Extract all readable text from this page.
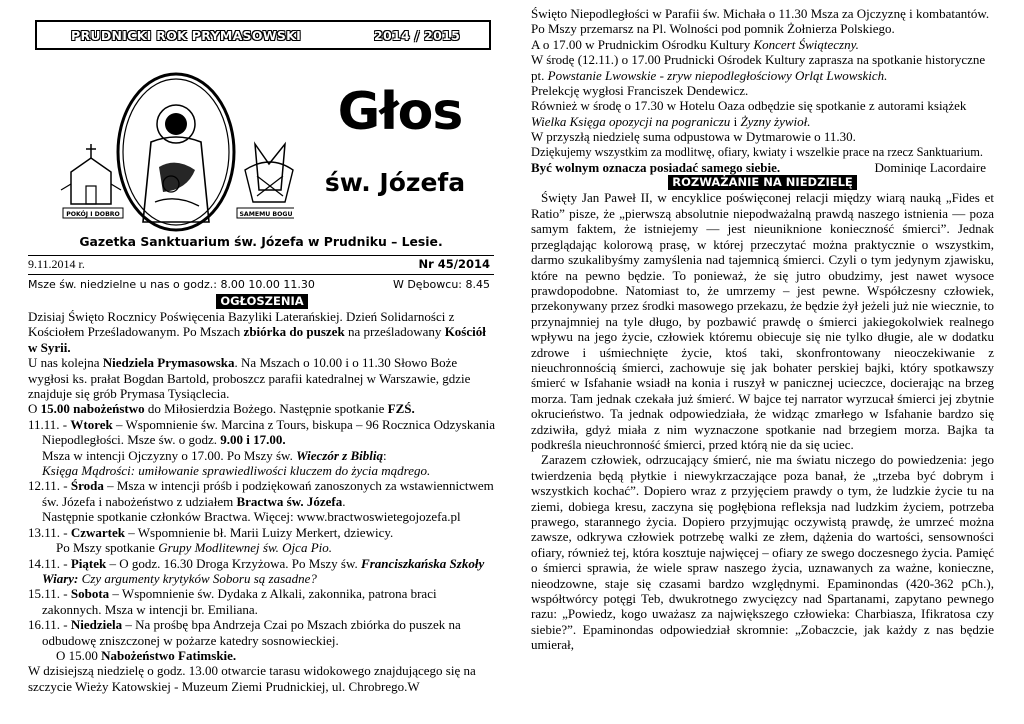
PRUDNICKI ROK PRYMASOWSKI	2014 / 2015
POKÓJ I DOBRO	SAMEMU BOGU
Głos
św. Józefa
Gazetka Sanktuarium św. Józefa w Prudniku – Lesie.
9.11.2014 r.	Nr 45/2014
Msze św. niedzielne u nas o godz.: 8.00 10.00 11.30	W Dębowcu: 8.45
OGŁOSZENIA

Dzisiaj Święto Rocznicy Poświęcenia Bazyliki Laterańskiej. Dzień Solidarności z Kościołem Prześladowanym. Po Mszach zbiórka do puszek na prześladowany Kościół w Syrii.

U nas kolejna Niedziela Prymasowska. Na Mszach o 10.00 i o 11.30 Słowo Boże wygłosi ks. prałat Bogdan Bartold, proboszcz parafii katedralnej w Warszawie, gdzie znajduje się grób Prymasa Tysiąclecia.

O 15.00 nabożeństwo do Miłosierdzia Bożego. Następnie spotkanie FZŚ.

11.11. - Wtorek – Wspomnienie św. Marcina z Tours, biskupa – 96 Rocznica Odzyskania Niepodległości. Msze św. o godz. 9.00 i 17.00.

Msza w intencji Ojczyzny o 17.00. Po Mszy św. Wieczór z Biblią:

Księga Mądrości: umiłowanie sprawiedliwości kluczem do życia mądrego.

12.11. - Środa – Msza w intencji próśb i podziękowań zanoszonych za wstawiennictwem św. Józefa i nabożeństwo z udziałem Bractwa św. Józefa.

Następnie spotkanie członków Bractwa. Więcej: www.bractwoswietegojozefa.pl

13.11. - Czwartek – Wspomnienie bł. Marii Luizy Merkert, dziewicy.

Po Mszy spotkanie Grupy Modlitewnej św. Ojca Pio.

14.11. - Piątek – O godz. 16.30 Droga Krzyżowa. Po Mszy św. Franciszkańska Szkoły Wiary: Czy argumenty krytyków Soboru są zasadne?

15.11. - Sobota – Wspomnienie św. Dydaka z Alkali, zakonnika, patrona braci zakonnych. Msza w intencji br. Emiliana.

16.11. - Niedziela – Na prośbę bpa Andrzeja Czai po Mszach zbiórka do puszek na odbudowę zniszczonej w pożarze katedry sosnowieckiej.

O 15.00 Nabożeństwo Fatimskie.

W dzisiejszą niedzielę o godz. 13.00 otwarcie tarasu widokowego znajdującego się na szczycie Wieży Katowskiej - Muzeum Ziemi Prudnickiej, ul. Chrobrego.W

Święto Niepodległości w Parafii św. Michała o 11.30 Msza za Ojczyznę i kombatantów. Po Mszy przemarsz na Pl. Wolności pod pomnik Żołnierza Polskiego.

A o 17.00 w Prudnickim Ośrodku Kultury Koncert Świąteczny.

W środę (12.11.) o 17.00 Prudnicki Ośrodek Kultury zaprasza na spotkanie historyczne pt. Powstanie Lwowskie - zryw niepodległościowy Orląt Lwowskich.

Prelekcję wygłosi Franciszek Dendewicz.

Również w środę o 17.30 w Hotelu Oaza odbędzie się spotkanie z autorami książek Wielka Księga opozycji na pograniczu i Żyzny żywioł.

W przyszłą niedzielę suma odpustowa w Dytmarowie o 11.30.

Dziękujemy wszystkim za modlitwę, ofiary, kwiaty i wszelkie prace na rzecz Sanktuarium.

Być wolnym oznacza posiadać samego siebie.	Dominiqe Lacordaire

ROZWAŻANIE NA NIEDZIELĘ

Święty Jan Paweł II, w encyklice poświęconej relacji między wiarą nauką „Fides et Ratio” pisze, że „pierwszą absolutnie niepodważalną prawdą naszego istnienia — poza samym faktem, że istniejemy — jest nieuniknione konieczność śmierci”. Jednak przeglądając kolorową prasę, w której przeczytać można praktycznie o wszystkim, darmo szukalibyśmy zamyślenia nad tajemnicą śmierci. Czyli o tym jedynym zjawisku, które na pewno będzie. To ponieważ, że się jutro obudzimy, jest nawet wysoce prawdopodobne. Natomiast to, że umrzemy – jest pewne. Współczesny człowiek, przekonywany przez środki masowego przekazu, że będzie żył jeżeli już nie wiecznie, to przynajmniej na tyle długo, by pozbawić prawdę o śmierci jakiegokolwiek realnego wpływu na jego życie, człowiek któremu obiecuje się nie tylko długie, ale w dodatku zdrowe i uśmiechnięte życie, ktoś taki, skonfrontowany nieoczekiwanie z nieuchronnością śmierci, zachowuje się jak bohater perskiej bajki, który spotkawszy śmierć w Isfahanie wsiadł na konia i ruszył w panicznej ucieczce, docierając na brzeg morza. Tam jednak czekała już śmierć. W bajce tej narrator wyrzucał śmierci jej zbytnie okrucieństwo. Ta jednak odpowiedziała, że widząc zmarłego w Isfahanie bardzo się zdziwiła, gdyż miała z nim wyznaczone spotkanie nad brzegiem morza. Bajka ta podkreśla nieuchronność śmierci, przed którą nie da się uciec.

Zarazem człowiek, odrzucający śmierć, nie ma światu niczego do powiedzenia: jego twierdzenia będą płytkie i niewykrzaczające poza banał, że „trzeba być dobrym i wszystkich kochać”. Dopiero wraz z przyjęciem prawdy o tym, że ludzkie życie tu na ziemi, dobiega kresu, zaczyna się pogłębiona refleksja nad ludzkim życiem, potrzeba prawego, starannego życia. Dopiero przyjmując oczywistą prawdę, że umrzeć można zawsze, odkrywa człowiek potrzebę walki ze złem, dążenia do wartości, sensowności ofiary, również tej, która kosztuje najwięcej – ofiary ze swego doczesnego życia. Pamięć o śmierci sprawia, że wiele spraw naszego życia, uznawanych za ważne, konieczne, nieodzowne, staje się czasami bardzo względnymi. Epaminondas (420-362 pCh.), współtwórcy potęgi Teb, dwukrotnego zwycięzcy nad Spartanami, zapytano pewnego razu: „Powiedz, kogo uważasz za największego człowieka: Charbiasza, Ifikratosa czy siebie?”. Epaminondas odpowiedział skromnie: „Zobaczcie, jak każdy z nas będzie umierał,
